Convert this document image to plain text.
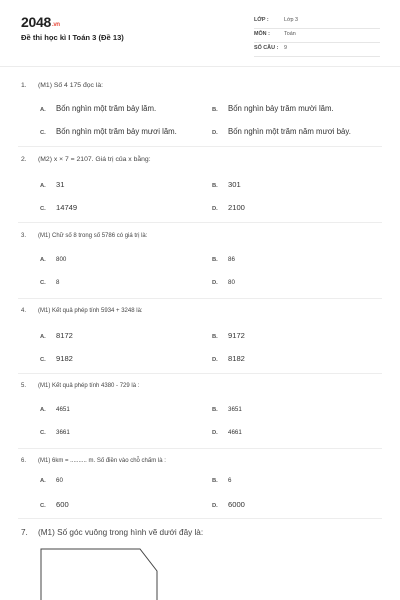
2048.vn
Đề thi học kì I Toán 3 (Đề 13)
LỚP :	Lớp 3
MÔN :	Toán
SỐ CÂU : 9
1. (M1) Số 4 175 đọc là:
A. Bốn nghìn một trăm bảy lăm.	B. Bốn nghìn bảy trăm mười lăm.
C. Bốn nghìn một trăm bảy mươi lăm.	D. Bốn nghìn một trăm năm mươi bảy.
2. (M2) x × 7 = 2107. Giá trị của x bằng:
A. 31	B. 301
C. 14749	D. 2100
3. (M1) Chữ số 8 trong số 5786 có giá trị là:
A. 800	B. 86
C. 8	D. 80
4. (M1) Kết quả phép tính 5934 + 3248 là:
A. 8172	B. 9172
C. 9182	D. 8182
5. (M1) Kết quả phép tính 4380 - 729 là :
A. 4651	B. 3651
C. 3661	D. 4661
6. (M1) 6km = .......... m. Số điền vào chỗ chấm là :
A. 60	B. 6
C. 600	D. 6000
7. (M1) Số góc vuông trong hình vẽ dưới đây là:
